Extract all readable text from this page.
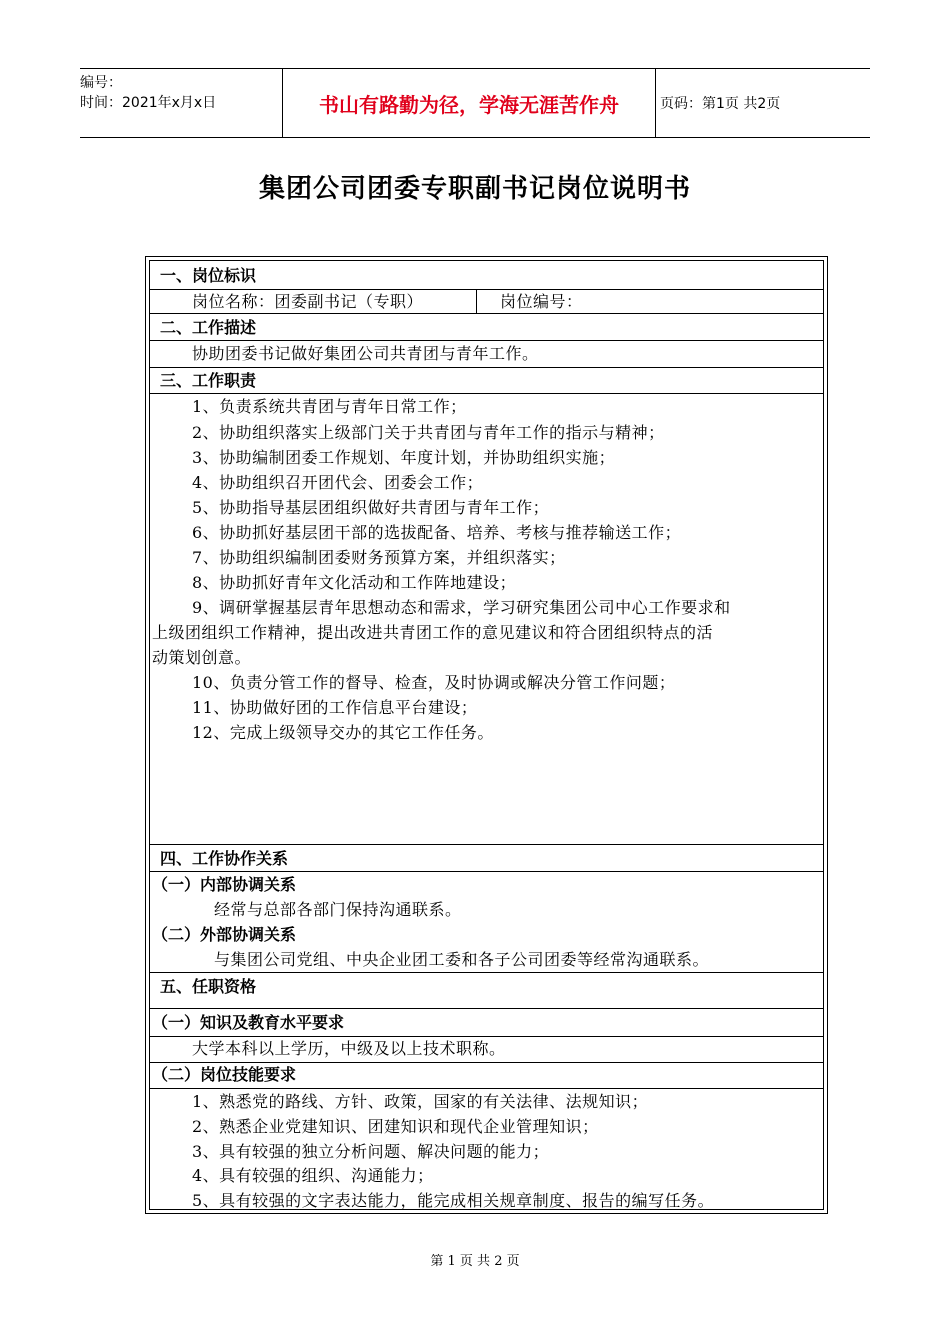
编号：
时间：2021年x月x日	书山有路勤为径，学海无涯苦作舟	页码：第1页 共2页
集团公司团委专职副书记岗位说明书
一、岗位标识
岗位名称：团委副书记（专职）	岗位编号：
二、工作描述
协助团委书记做好集团公司共青团与青年工作。
三、工作职责
1、负责系统共青团与青年日常工作；
2、协助组织落实上级部门关于共青团与青年工作的指示与精神；
3、协助编制团委工作规划、年度计划，并协助组织实施；
4、协助组织召开团代会、团委会工作；
5、协助指导基层团组织做好共青团与青年工作；
6、协助抓好基层团干部的选拔配备、培养、考核与推荐输送工作；
7、协助组织编制团委财务预算方案，并组织落实；
8、协助抓好青年文化活动和工作阵地建设；
9、调研掌握基层青年思想动态和需求，学习研究集团公司中心工作要求和
上级团组织工作精神，提出改进共青团工作的意见建议和符合团组织特点的活
动策划创意。
10、负责分管工作的督导、检查，及时协调或解决分管工作问题；
11、协助做好团的工作信息平台建设；
12、完成上级领导交办的其它工作任务。
四、工作协作关系
（一）内部协调关系
经常与总部各部门保持沟通联系。
（二）外部协调关系
与集团公司党组、中央企业团工委和各子公司团委等经常沟通联系。
五、任职资格
（一）知识及教育水平要求
大学本科以上学历，中级及以上技术职称。
（二）岗位技能要求
1、熟悉党的路线、方针、政策，国家的有关法律、法规知识；
2、熟悉企业党建知识、团建知识和现代企业管理知识；
3、具有较强的独立分析问题、解决问题的能力；
4、具有较强的组织、沟通能力；
5、具有较强的文字表达能力，能完成相关规章制度、报告的编写任务。
第 1 页 共 2 页
